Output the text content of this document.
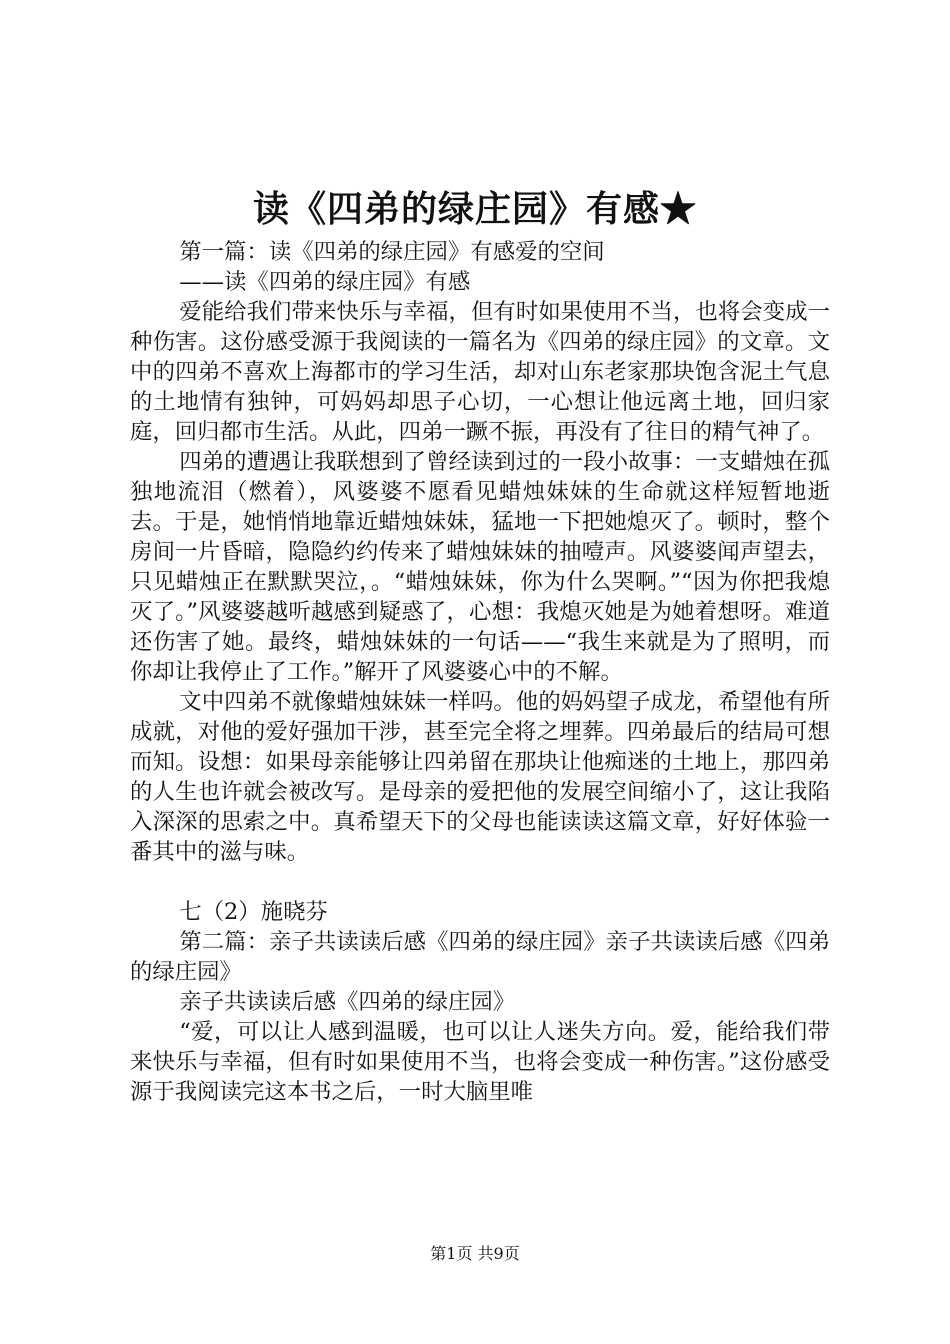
读《四弟的绿庄园》有感★

第一篇：读《四弟的绿庄园》有感爱的空间

——读《四弟的绿庄园》有感

爱能给我们带来快乐与幸福，但有时如果使用不当，也将会变成一种伤害。这份感受源于我阅读的一篇名为《四弟的绿庄园》的文章。文中的四弟不喜欢上海都市的学习生活，却对山东老家那块饱含泥土气息的土地情有独钟，可妈妈却思子心切，一心想让他远离土地，回归家庭，回归都市生活。从此，四弟一蹶不振，再没有了往日的精气神了。

四弟的遭遇让我联想到了曾经读到过的一段小故事：一支蜡烛在孤独地流泪（燃着），风婆婆不愿看见蜡烛妹妹的生命就这样短暂地逝去。于是，她悄悄地靠近蜡烛妹妹，猛地一下把她熄灭了。顿时，整个房间一片昏暗，隐隐约约传来了蜡烛妹妹的抽噎声。风婆婆闻声望去，只见蜡烛正在默默哭泣，。“蜡烛妹妹，你为什么哭啊。”“因为你把我熄灭了。”风婆婆越听越感到疑惑了，心想：我熄灭她是为她着想呀。难道还伤害了她。最终，蜡烛妹妹的一句话——“我生来就是为了照明，而你却让我停止了工作。”解开了风婆婆心中的不解。

文中四弟不就像蜡烛妹妹一样吗。他的妈妈望子成龙，希望他有所成就，对他的爱好强加干涉，甚至完全将之埋葬。四弟最后的结局可想而知。设想：如果母亲能够让四弟留在那块让他痴迷的土地上，那四弟的人生也许就会被改写。是母亲的爱把他的发展空间缩小了，这让我陷入深深的思索之中。真希望天下的父母也能读读这篇文章，好好体验一番其中的滋与味。

七（2）施晓芬

第二篇：亲子共读读后感《四弟的绿庄园》亲子共读读后感《四弟的绿庄园》

亲子共读读后感《四弟的绿庄园》

“爱，可以让人感到温暖，也可以让人迷失方向。爱，能给我们带来快乐与幸福，但有时如果使用不当，也将会变成一种伤害。”这份感受源于我阅读完这本书之后，一时大脑里唯

第1页 共9页
